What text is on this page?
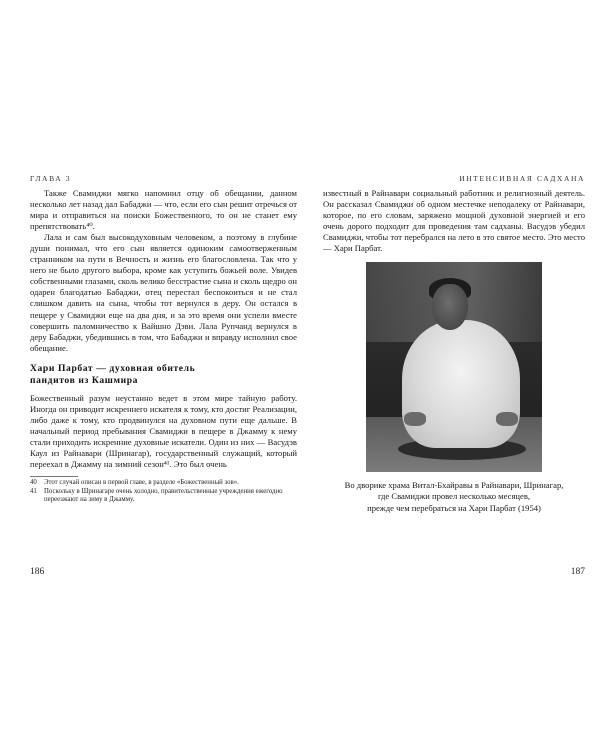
ГЛАВА 3

Также Свамиджи мягко напомнил отцу об обещании, данном несколько лет назад дал Бабаджи — что, если его сын решит отречься от мира и отправиться на поиски Божественного, то он не станет ему препятствовать⁴⁰.

Лала и сам был высокодуховным человеком, а поэтому в глубине души понимал, что его сын является одиноким самоотверженным странником на пути в Вечность и жизнь его благословлена. Так что у него не было другого выбора, кроме как уступить божьей воле. Увидев собственными глазами, сколь велико бесстрастие сына и сколь щедро он одарен благодатью Бабаджи, отец перестал беспокоиться и не стал слишком давить на сына, чтобы тот вернулся в деру. Он остался в пещере у Свамиджи еще на два дня, и за это время они успели вместе совершить паломничество к Вайшно Дэви. Лала Рупчанд вернулся в деру Бабаджи, убедившись в том, что Бабаджи и вправду исполнил свое обещание.

Хари Парбат — духовная обитель
пандитов из Кашмира

Божественный разум неустанно ведет в этом мире тайную работу. Иногда он приводит искреннего искателя к тому, кто достиг Реализации, либо даже к тому, кто продвинулся на духовном пути еще дальше. В начальный период пребывания Свамиджи в пещере в Джамму к нему стали приходить искренние духовные искатели. Один из них — Васудэв Каул из Райнавари (Шринагар), государственный служащий, который переехал в Джамму на зимний сезон⁴¹. Это был очень

40	Этот случай описан в первой главе, в разделе «Божественный зов».
41	Поскольку в Шринагаре очень холодно, правительственные учреждения ежегодно переезжают на зиму в Джамму.
186
ИНТЕНСИВНАЯ САДХАНА

известный в Райнавари социальный работник и религиозный деятель. Он рассказал Свамиджи об одном местечке неподалеку от Райнавари, которое, по его словам, заряжено мощной духовной энергией и его очень дорого подходит для проведения там садханы. Васудэв убедил Свамиджи, чтобы тот перебрался на лето в это святое место. Это место — Хари Парбат.

Во дворике храма Витал-Бхайравы в Райнавари, Шринагар,
где Свамиджи провел несколько месяцев,
прежде чем перебраться на Хари Парбат (1954)
187
